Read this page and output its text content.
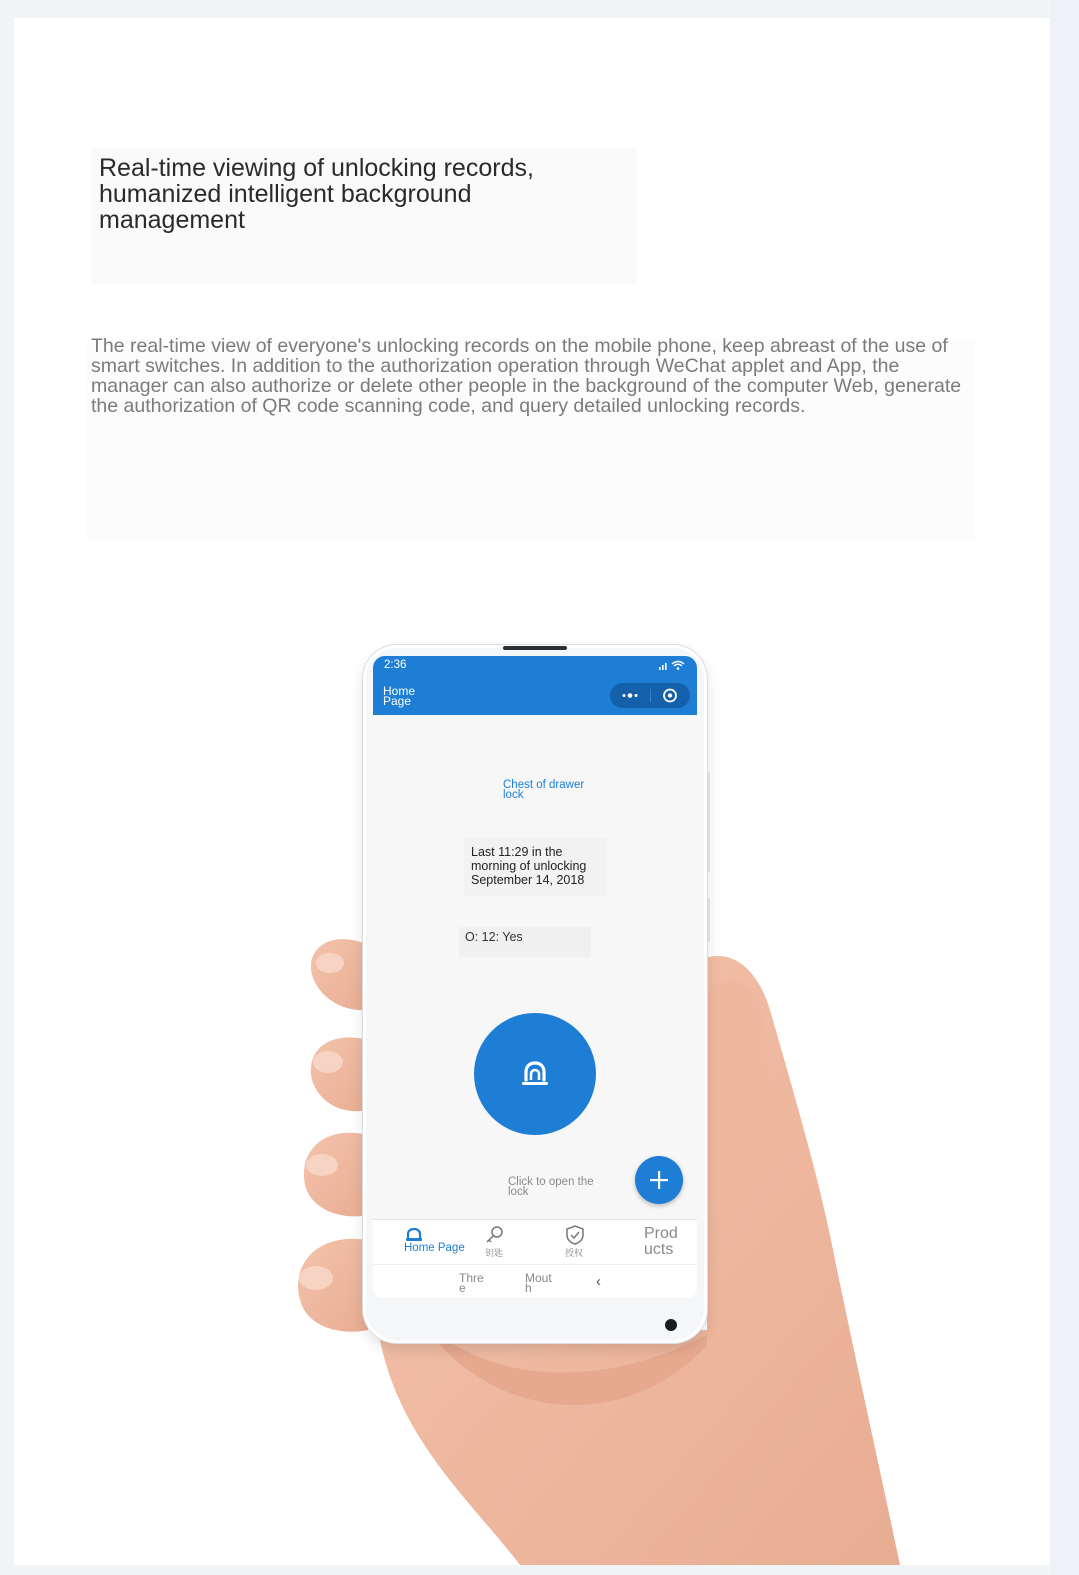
Real-time viewing of unlocking records, humanized intelligent background management

The real-time view of everyone's unlocking records on the mobile phone, keep abreast of the use of smart switches. In addition to the authorization operation through WeChat applet and App, the manager can also authorize or delete other people in the background of the computer Web, generate the authorization of QR code scanning code, and query detailed unlocking records.

2:36
Home Page
Chest of drawer lock
Last 11:29 in the morning of unlocking September 14, 2018
O: 12: Yes
Click to open the lock
Home Page 钥匙	授权
Prod ucts
Thre e
Mout h	‹
